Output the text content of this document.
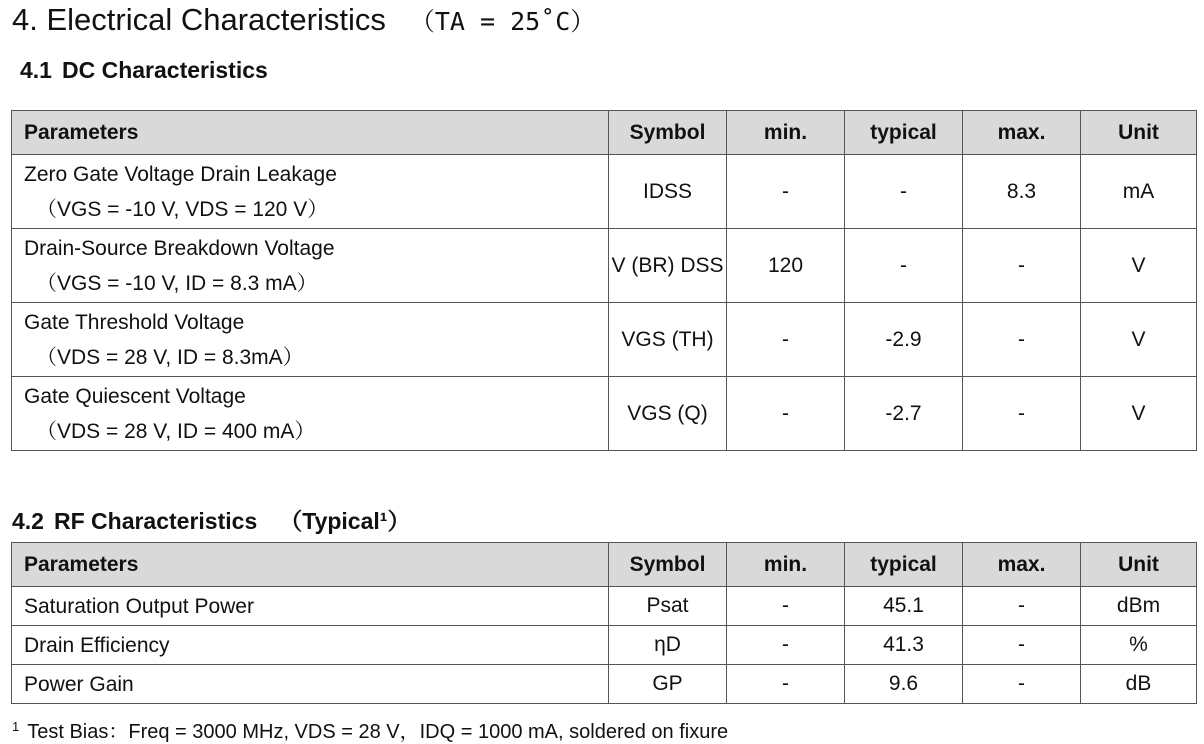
4. Electrical Characteristics （TA = 25˚C）
4.1 DC Characteristics
Parameters	Symbol	min.	typical	max.	Unit
Zero Gate Voltage Drain Leakage
（VGS = -10 V, VDS = 120 V）	IDSS	-	-	8.3	mA
Drain-Source Breakdown Voltage
（VGS = -10 V, ID = 8.3 mA）	V (BR) DSS	120	-	-	V
Gate Threshold Voltage
（VDS = 28 V, ID = 8.3mA）	VGS (TH)	-	-2.9	-	V
Gate Quiescent Voltage
（VDS = 28 V, ID = 400 mA）	VGS (Q)	-	-2.7	-	V
4.2 RF Characteristics （Typical¹）
Parameters	Symbol	min.	typical	max.	Unit
Saturation Output Power	Psat	-	45.1	-	dBm
Drain Efficiency	ηD	-	41.3	-	%
Power Gain	GP	-	9.6	-	dB
$^1$ Test Bias：Freq = 3000 MHz, VDS = 28 V，IDQ = 1000 mA, soldered on fixure
